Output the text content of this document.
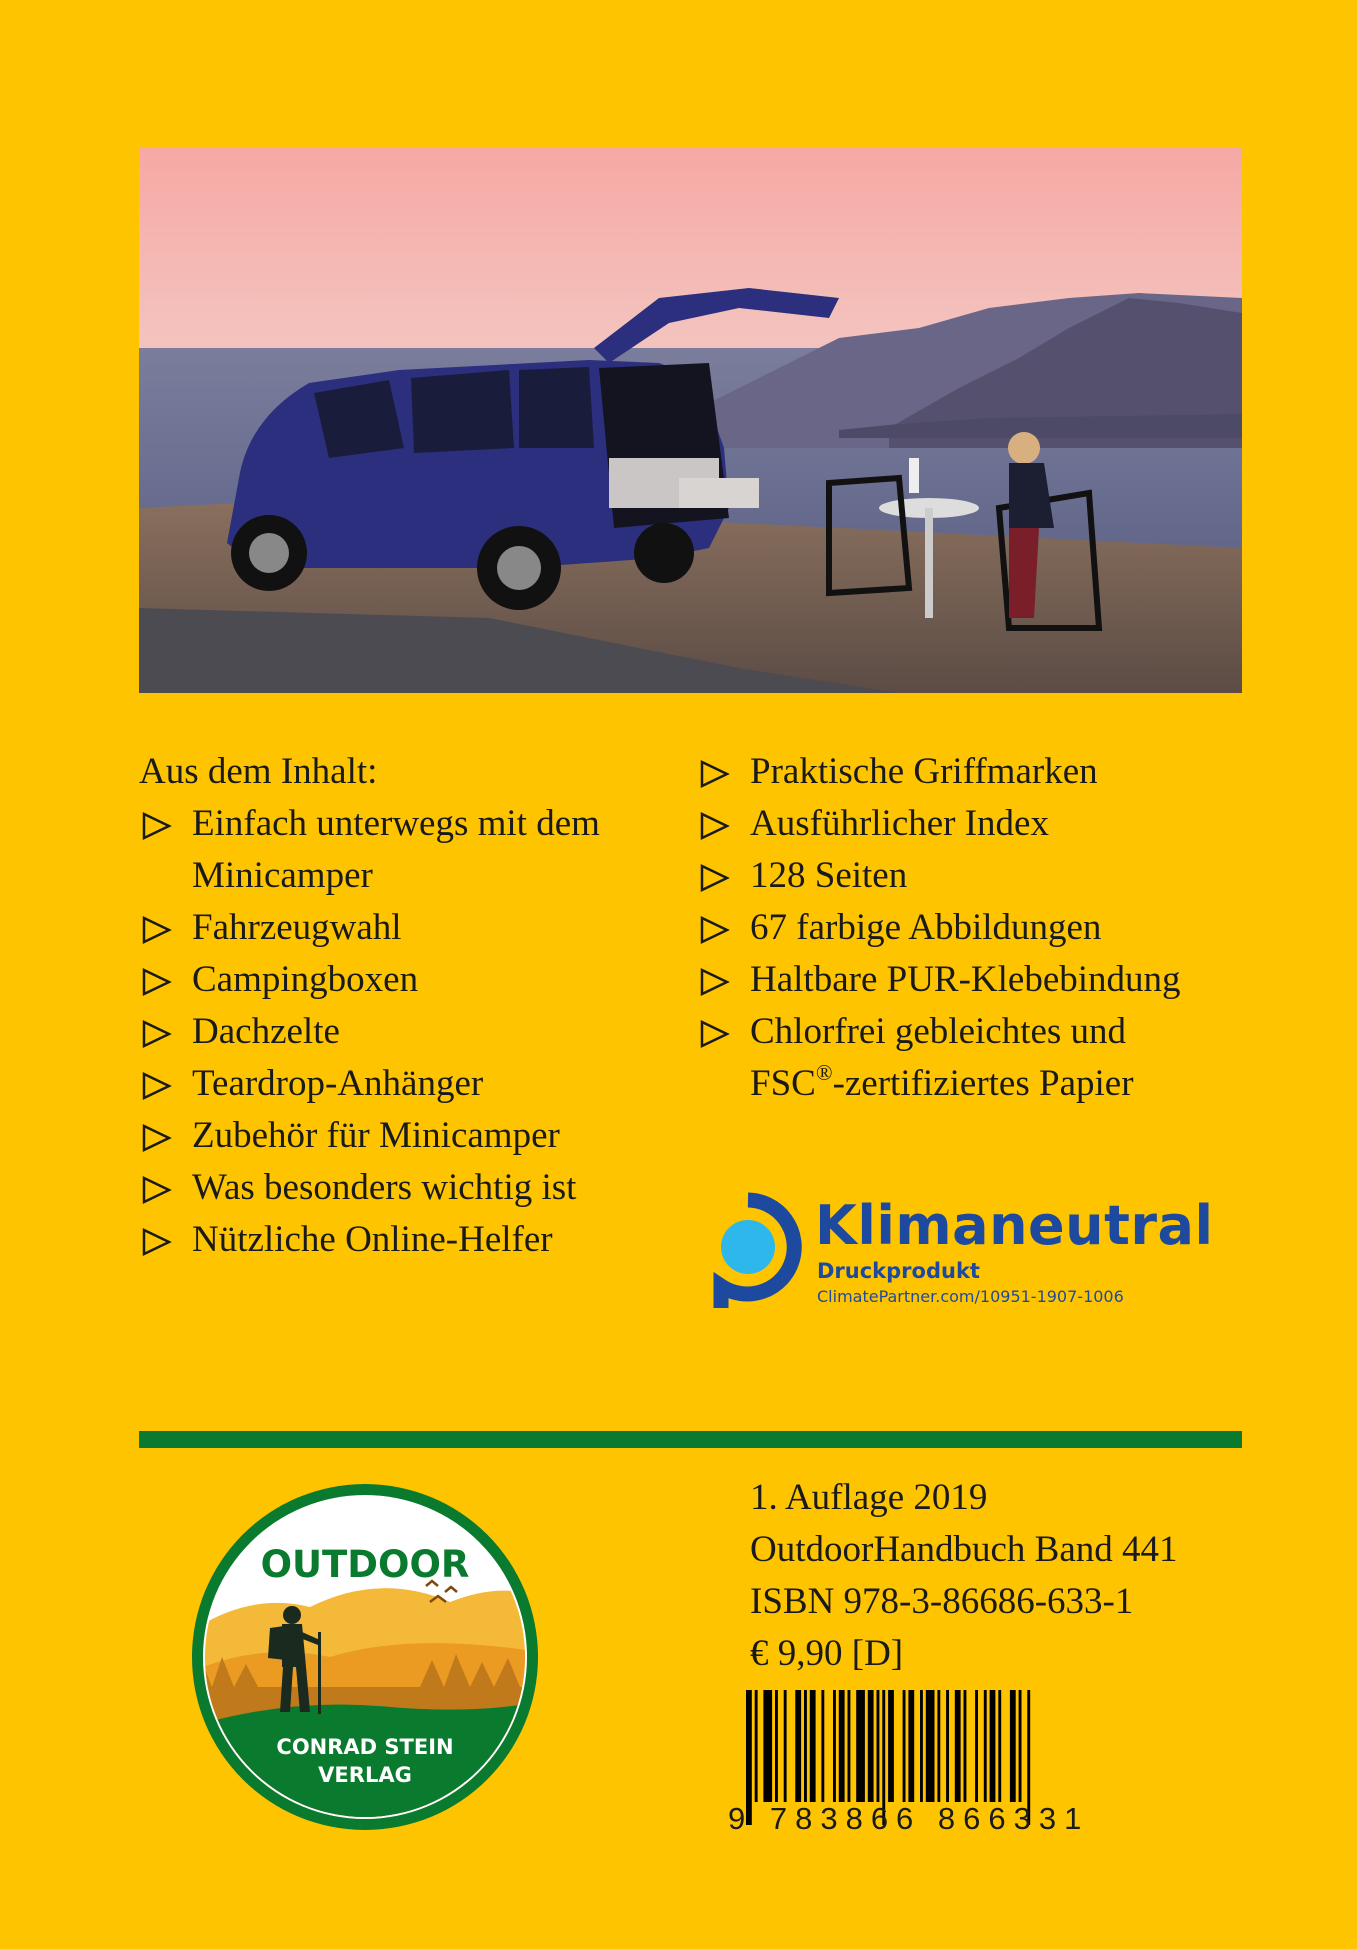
Aus dem Inhalt:
Einfach unterwegs mit dem Minicamper
Fahrzeugwahl
Campingboxen
Dachzelte
Teardrop-Anhänger
Zubehör für Minicamper
Was besonders wichtig ist
Nützliche Online-Helfer
Praktische Griffmarken
Ausführlicher Index
128 Seiten
67 farbige Abbildungen
Haltbare PUR-Klebebindung
Chlorfrei gebleichtes und
FSC®-zertifiziertes Papier
Klimaneutral
Druckprodukt
ClimatePartner.com/10951-1907-1006
OUTDOOR
CONRAD STEIN
VERLAG
1. Auflage 2019
OutdoorHandbuch Band 441
ISBN 978-3-86686-633-1
€ 9,90 [D]
9 783866 866331
